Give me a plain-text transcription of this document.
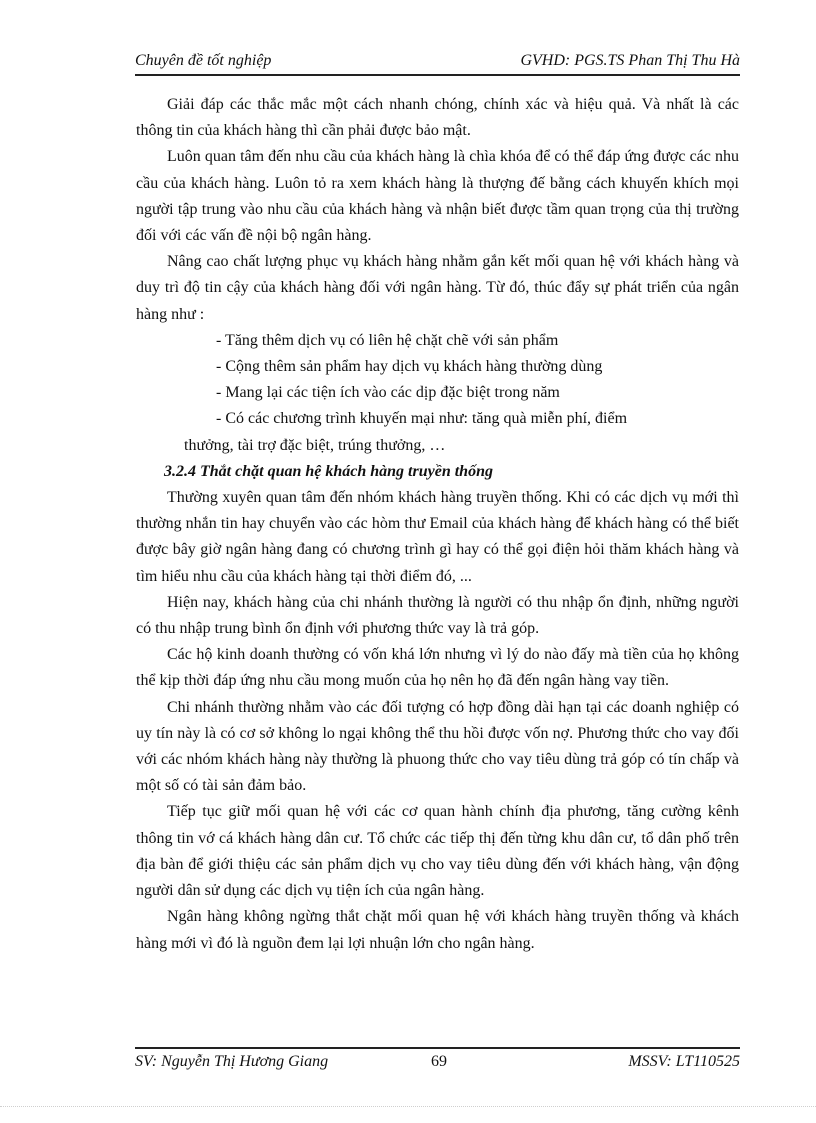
Chuyên đề tốt nghiệp	GVHD: PGS.TS Phan Thị Thu Hà

Giải đáp các thắc mắc một cách nhanh chóng, chính xác và hiệu quả. Và nhất là các thông tin của khách hàng thì cần phải được bảo mật.

Luôn quan tâm đến nhu cầu của khách hàng là chìa khóa để có thể đáp ứng được các nhu cầu của khách hàng. Luôn tỏ ra xem khách hàng là thượng đế bằng cách khuyến khích mọi người tập trung vào nhu cầu của khách hàng và nhận biết được tầm quan trọng của thị trường đối với các vấn đề nội bộ ngân hàng.

Nâng cao chất lượng phục vụ khách hàng nhằm gắn kết mối quan hệ với khách hàng và duy trì độ tin cậy của khách hàng đối với ngân hàng. Từ đó, thúc đẩy sự phát triển của ngân hàng như :

- Tăng thêm dịch vụ có liên hệ chặt chẽ với sản phẩm

- Cộng thêm sản phẩm hay dịch vụ khách hàng thường dùng

- Mang lại các tiện ích vào các dịp đặc biệt trong năm

- Có các chương trình khuyến mại như: tăng quà miễn phí, điểm

thưởng, tài trợ đặc biệt, trúng thưởng, …

3.2.4 Thắt chặt quan hệ khách hàng truyền thống

Thường xuyên quan tâm đến nhóm khách hàng truyền thống. Khi có các dịch vụ mới thì thường nhắn tin hay chuyển vào các hòm thư Email của khách hàng để khách hàng có thể biết được bây giờ ngân hàng đang có chương trình gì hay có thể gọi điện hỏi thăm khách hàng và tìm hiểu nhu cầu của khách hàng tại thời điểm đó, ...

Hiện nay, khách hàng của chi nhánh thường là người có thu nhập ổn định, những người có thu nhập trung bình ổn định với phương thức vay là trả góp.

Các hộ kinh doanh thường có vốn khá lớn nhưng vì lý do nào đấy mà tiền của họ không thể kịp thời đáp ứng nhu cầu mong muốn của họ nên họ đã đến ngân hàng vay tiền.

Chi nhánh thường nhằm vào các đối tượng có hợp đồng dài hạn tại các doanh nghiệp có uy tín này là có cơ sở không lo ngại không thể thu hồi được vốn nợ. Phương thức cho vay đối với các nhóm khách hàng này thường là phuong thức cho vay tiêu dùng trả góp có tín chấp và một số có tài sản đảm bảo.

Tiếp tục giữ mối quan hệ với các cơ quan hành chính địa phương, tăng cường kênh thông tin vớ cá khách hàng dân cư. Tổ chức các tiếp thị đến từng khu dân cư, tổ dân phố trên địa bàn để giới thiệu các sản phẩm dịch vụ cho vay tiêu dùng đến với khách hàng, vận động người dân sử dụng các dịch vụ tiện ích của ngân hàng.

Ngân hàng không ngừng thắt chặt mối quan hệ với khách hàng truyền thống và khách hàng mới vì đó là nguồn đem lại lợi nhuận lớn cho ngân hàng.

SV: Nguyễn Thị Hương Giang	69	MSSV: LT110525
